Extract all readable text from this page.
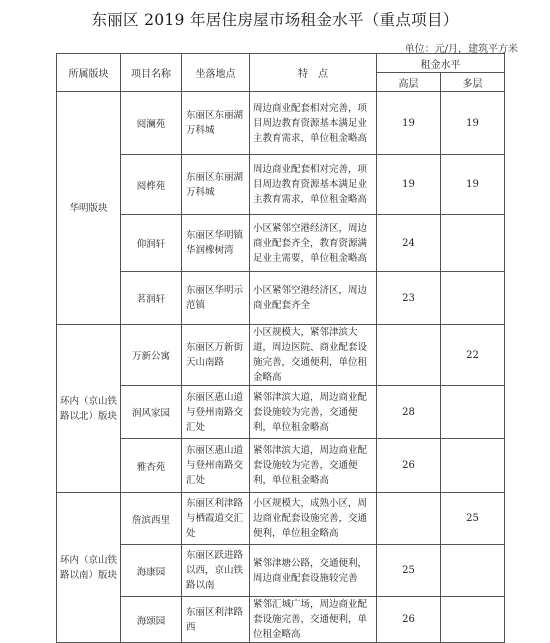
东丽区 2019 年居住房屋市场租金水平（重点项目）
单位：元/月，建筑平方米
所属版块	项目名称	坐落地点	特　点	租金水平	
				高层	多层
华明版块	阅澜苑	东丽区东丽湖万科城	周边商业配套相对完善，项目周边教育资源基本满足业主教育需求，单位租金略高	19	19
	阅桦苑	东丽区东丽湖万科城	周边商业配套相对完善，项目周边教育资源基本满足业主教育需求，单位租金略高	19	19
	仰润轩	东丽区华明镇华润橡树湾	小区紧邻空港经济区，周边商业配套齐全，教育资源满足业主需要，单位租金略高	24	
	茗润轩	东丽区华明示范镇	小区紧邻空港经济区，周边商业配套齐全	23	
环内（京山铁路以北）版块	万新公寓	东丽区万新街天山南路	小区规模大，紧邻津滨大道，周边医院、商业配套设施完善，交通便利，单位租金略高		22
	润风家园	东丽区惠山道与登州南路交汇处	紧邻津滨大道，周边商业配套设施较为完善，交通便利，单位租金略高	28	
	雅杏苑	东丽区惠山道与登州南路交汇处	紧邻津滨大道，周边商业配套设施较为完善，交通便利，单位租金略高	26	
环内（京山铁路以南）版块	詹滨西里	东丽区利津路与栖霞道交汇处	小区规模大，成熟小区，周边商业配套设施完善，交通便利，单位租金略高		25
	海康园	东丽区跃进路以西，京山铁路以南	紧邻津塘公路，交通便利，周边商业配套设施较完善	25	
	海颂园	东丽区利津路西	紧邻汇城广场，周边商业配套设施完善，交通便利，单位租金略高	26	
